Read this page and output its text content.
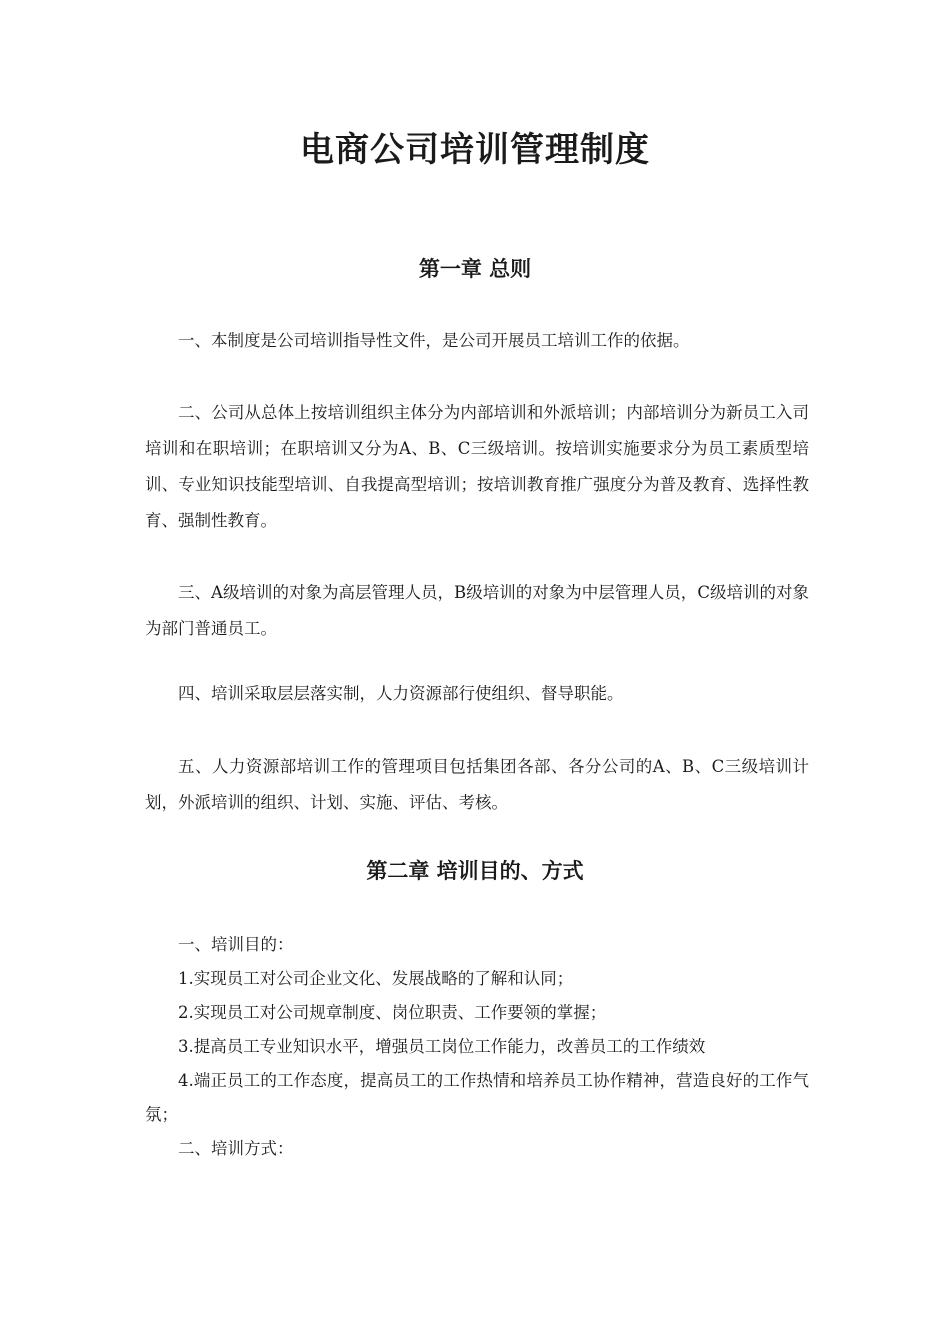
电商公司培训管理制度
第一章 总则

一、本制度是公司培训指导性文件，是公司开展员工培训工作的依据。

二、公司从总体上按培训组织主体分为内部培训和外派培训；内部培训分为新员工入司培训和在职培训；在职培训又分为A、B、C三级培训。按培训实施要求分为员工素质型培训、专业知识技能型培训、自我提高型培训；按培训教育推广强度分为普及教育、选择性教育、强制性教育。

三、A级培训的对象为高层管理人员，B级培训的对象为中层管理人员，C级培训的对象为部门普通员工。

四、培训采取层层落实制，人力资源部行使组织、督导职能。

五、人力资源部培训工作的管理项目包括集团各部、各分公司的A、B、C三级培训计划，外派培训的组织、计划、实施、评估、考核。

第二章 培训目的、方式

一、培训目的：

1.实现员工对公司企业文化、发展战略的了解和认同；

2.实现员工对公司规章制度、岗位职责、工作要领的掌握；

3.提高员工专业知识水平，增强员工岗位工作能力，改善员工的工作绩效

4.端正员工的工作态度，提高员工的工作热情和培养员工协作精神，营造良好的工作气氛；

二、培训方式：
